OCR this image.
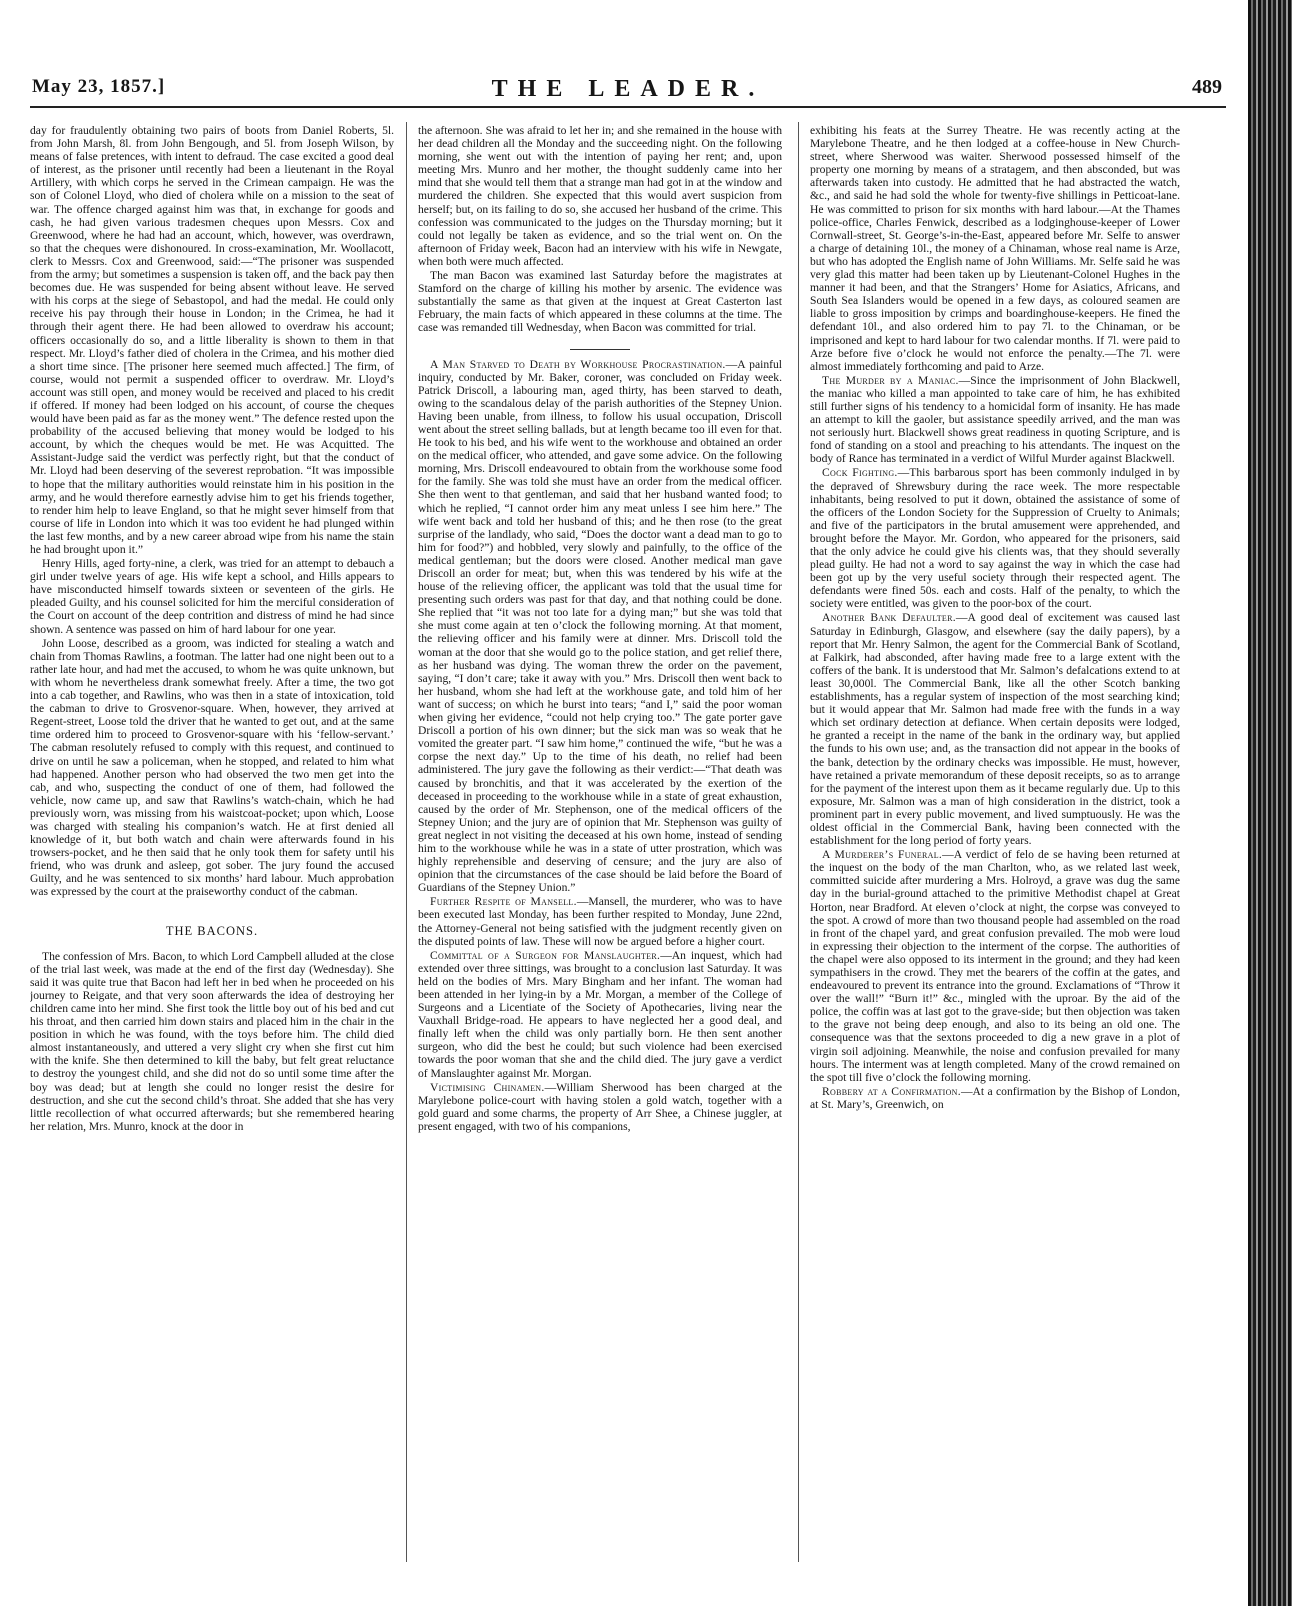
May 23, 1857.]	THE LEADER.	489

day for fraudulently obtaining two pairs of boots from Daniel Roberts, 5l. from John Marsh, 8l. from John Bengough, and 5l. from Joseph Wilson, by means of false pretences, with intent to defraud. The case excited a good deal of interest, as the prisoner until recently had been a lieutenant in the Royal Artillery, with which corps he served in the Crimean campaign. He was the son of Colonel Lloyd, who died of cholera while on a mission to the seat of war. The offence charged against him was that, in exchange for goods and cash, he had given various tradesmen cheques upon Messrs. Cox and Greenwood, where he had had an account, which, however, was overdrawn, so that the cheques were dishonoured. In cross-examination, Mr. Woollacott, clerk to Messrs. Cox and Greenwood, said:—“The prisoner was suspended from the army; but sometimes a suspension is taken off, and the back pay then becomes due. He was suspended for being absent without leave. He served with his corps at the siege of Sebastopol, and had the medal. He could only receive his pay through their house in London; in the Crimea, he had it through their agent there. He had been allowed to overdraw his account; officers occasionally do so, and a little liberality is shown to them in that respect. Mr. Lloyd’s father died of cholera in the Crimea, and his mother died a short time since. [The prisoner here seemed much affected.] The firm, of course, would not permit a suspended officer to overdraw. Mr. Lloyd’s account was still open, and money would be received and placed to his credit if offered. If money had been lodged on his account, of course the cheques would have been paid as far as the money went.” The defence rested upon the probability of the accused believing that money would be lodged to his account, by which the cheques would be met. He was Acquitted. The Assistant-Judge said the verdict was perfectly right, but that the conduct of Mr. Lloyd had been deserving of the severest reprobation. “It was impossible to hope that the military authorities would reinstate him in his position in the army, and he would therefore earnestly advise him to get his friends together, to render him help to leave England, so that he might sever himself from that course of life in London into which it was too evident he had plunged within the last few months, and by a new career abroad wipe from his name the stain he had brought upon it.”

Henry Hills, aged forty-nine, a clerk, was tried for an attempt to debauch a girl under twelve years of age. His wife kept a school, and Hills appears to have misconducted himself towards sixteen or seventeen of the girls. He pleaded Guilty, and his counsel solicited for him the merciful consideration of the Court on account of the deep contrition and distress of mind he had since shown. A sentence was passed on him of hard labour for one year.

John Loose, described as a groom, was indicted for stealing a watch and chain from Thomas Rawlins, a footman. The latter had one night been out to a rather late hour, and had met the accused, to whom he was quite unknown, but with whom he nevertheless drank somewhat freely. After a time, the two got into a cab together, and Rawlins, who was then in a state of intoxication, told the cabman to drive to Grosvenor-square. When, however, they arrived at Regent-street, Loose told the driver that he wanted to get out, and at the same time ordered him to proceed to Grosvenor-square with his ‘fellow-servant.’ The cabman resolutely refused to comply with this request, and continued to drive on until he saw a policeman, when he stopped, and related to him what had happened. Another person who had observed the two men get into the cab, and who, suspecting the conduct of one of them, had followed the vehicle, now came up, and saw that Rawlins’s watch-chain, which he had previously worn, was missing from his waistcoat-pocket; upon which, Loose was charged with stealing his companion’s watch. He at first denied all knowledge of it, but both watch and chain were afterwards found in his trowsers-pocket, and he then said that he only took them for safety until his friend, who was drunk and asleep, got sober. The jury found the accused Guilty, and he was sentenced to six months’ hard labour. Much approbation was expressed by the court at the praiseworthy conduct of the cabman.

THE BACONS.

The confession of Mrs. Bacon, to which Lord Campbell alluded at the close of the trial last week, was made at the end of the first day (Wednesday). She said it was quite true that Bacon had left her in bed when he proceeded on his journey to Reigate, and that very soon afterwards the idea of destroying her children came into her mind. She first took the little boy out of his bed and cut his throat, and then carried him down stairs and placed him in the chair in the position in which he was found, with the toys before him. The child died almost instantaneously, and uttered a very slight cry when she first cut him with the knife. She then determined to kill the baby, but felt great reluctance to destroy the youngest child, and she did not do so until some time after the boy was dead; but at length she could no longer resist the desire for destruction, and she cut the second child’s throat. She added that she has very little recollection of what occurred afterwards; but she remembered hearing her relation, Mrs. Munro, knock at the door in

the afternoon. She was afraid to let her in; and she remained in the house with her dead children all the Monday and the succeeding night. On the following morning, she went out with the intention of paying her rent; and, upon meeting Mrs. Munro and her mother, the thought suddenly came into her mind that she would tell them that a strange man had got in at the window and murdered the children. She expected that this would avert suspicion from herself; but, on its failing to do so, she accused her husband of the crime. This confession was communicated to the judges on the Thursday morning; but it could not legally be taken as evidence, and so the trial went on. On the afternoon of Friday week, Bacon had an interview with his wife in Newgate, when both were much affected.

The man Bacon was examined last Saturday before the magistrates at Stamford on the charge of killing his mother by arsenic. The evidence was substantially the same as that given at the inquest at Great Casterton last February, the main facts of which appeared in these columns at the time. The case was remanded till Wednesday, when Bacon was committed for trial.

A Man Starved to Death by Workhouse Procrastination.—A painful inquiry, conducted by Mr. Baker, coroner, was concluded on Friday week. Patrick Driscoll, a labouring man, aged thirty, has been starved to death, owing to the scandalous delay of the parish authorities of the Stepney Union. Having been unable, from illness, to follow his usual occupation, Driscoll went about the street selling ballads, but at length became too ill even for that. He took to his bed, and his wife went to the workhouse and obtained an order on the medical officer, who attended, and gave some advice. On the following morning, Mrs. Driscoll endeavoured to obtain from the workhouse some food for the family. She was told she must have an order from the medical officer. She then went to that gentleman, and said that her husband wanted food; to which he replied, “I cannot order him any meat unless I see him here.” The wife went back and told her husband of this; and he then rose (to the great surprise of the landlady, who said, “Does the doctor want a dead man to go to him for food?”) and hobbled, very slowly and painfully, to the office of the medical gentleman; but the doors were closed. Another medical man gave Driscoll an order for meat; but, when this was tendered by his wife at the house of the relieving officer, the applicant was told that the usual time for presenting such orders was past for that day, and that nothing could be done. She replied that “it was not too late for a dying man;” but she was told that she must come again at ten o’clock the following morning. At that moment, the relieving officer and his family were at dinner. Mrs. Driscoll told the woman at the door that she would go to the police station, and get relief there, as her husband was dying. The woman threw the order on the pavement, saying, “I don’t care; take it away with you.” Mrs. Driscoll then went back to her husband, whom she had left at the workhouse gate, and told him of her want of success; on which he burst into tears; “and I,” said the poor woman when giving her evidence, “could not help crying too.” The gate porter gave Driscoll a portion of his own dinner; but the sick man was so weak that he vomited the greater part. “I saw him home,” continued the wife, “but he was a corpse the next day.” Up to the time of his death, no relief had been administered. The jury gave the following as their verdict:—“That death was caused by bronchitis, and that it was accelerated by the exertion of the deceased in proceeding to the workhouse while in a state of great exhaustion, caused by the order of Mr. Stephenson, one of the medical officers of the Stepney Union; and the jury are of opinion that Mr. Stephenson was guilty of great neglect in not visiting the deceased at his own home, instead of sending him to the workhouse while he was in a state of utter prostration, which was highly reprehensible and deserving of censure; and the jury are also of opinion that the circumstances of the case should be laid before the Board of Guardians of the Stepney Union.”

Further Respite of Mansell.—Mansell, the murderer, who was to have been executed last Monday, has been further respited to Monday, June 22nd, the Attorney-General not being satisfied with the judgment recently given on the disputed points of law. These will now be argued before a higher court.

Committal of a Surgeon for Manslaughter.—An inquest, which had extended over three sittings, was brought to a conclusion last Saturday. It was held on the bodies of Mrs. Mary Bingham and her infant. The woman had been attended in her lying-in by a Mr. Morgan, a member of the College of Surgeons and a Licentiate of the Society of Apothecaries, living near the Vauxhall Bridge-road. He appears to have neglected her a good deal, and finally left when the child was only partially born. He then sent another surgeon, who did the best he could; but such violence had been exercised towards the poor woman that she and the child died. The jury gave a verdict of Manslaughter against Mr. Morgan.

Victimising Chinamen.—William Sherwood has been charged at the Marylebone police-court with having stolen a gold watch, together with a gold guard and some charms, the property of Arr Shee, a Chinese juggler, at present engaged, with two of his companions,

exhibiting his feats at the Surrey Theatre. He was recently acting at the Marylebone Theatre, and he then lodged at a coffee-house in New Church-street, where Sherwood was waiter. Sherwood possessed himself of the property one morning by means of a stratagem, and then absconded, but was afterwards taken into custody. He admitted that he had abstracted the watch, &c., and said he had sold the whole for twenty-five shillings in Petticoat-lane. He was committed to prison for six months with hard labour.—At the Thames police-office, Charles Fenwick, described as a lodginghouse-keeper of Lower Cornwall-street, St. George’s-in-the-East, appeared before Mr. Selfe to answer a charge of detaining 10l., the money of a Chinaman, whose real name is Arze, but who has adopted the English name of John Williams. Mr. Selfe said he was very glad this matter had been taken up by Lieutenant-Colonel Hughes in the manner it had been, and that the Strangers’ Home for Asiatics, Africans, and South Sea Islanders would be opened in a few days, as coloured seamen are liable to gross imposition by crimps and boardinghouse-keepers. He fined the defendant 10l., and also ordered him to pay 7l. to the Chinaman, or be imprisoned and kept to hard labour for two calendar months. If 7l. were paid to Arze before five o’clock he would not enforce the penalty.—The 7l. were almost immediately forthcoming and paid to Arze.

The Murder by a Maniac.—Since the imprisonment of John Blackwell, the maniac who killed a man appointed to take care of him, he has exhibited still further signs of his tendency to a homicidal form of insanity. He has made an attempt to kill the gaoler, but assistance speedily arrived, and the man was not seriously hurt. Blackwell shows great readiness in quoting Scripture, and is fond of standing on a stool and preaching to his attendants. The inquest on the body of Rance has terminated in a verdict of Wilful Murder against Blackwell.

Cock Fighting.—This barbarous sport has been commonly indulged in by the depraved of Shrewsbury during the race week. The more respectable inhabitants, being resolved to put it down, obtained the assistance of some of the officers of the London Society for the Suppression of Cruelty to Animals; and five of the participators in the brutal amusement were apprehended, and brought before the Mayor. Mr. Gordon, who appeared for the prisoners, said that the only advice he could give his clients was, that they should severally plead guilty. He had not a word to say against the way in which the case had been got up by the very useful society through their respected agent. The defendants were fined 50s. each and costs. Half of the penalty, to which the society were entitled, was given to the poor-box of the court.

Another Bank Defaulter.—A good deal of excitement was caused last Saturday in Edinburgh, Glasgow, and elsewhere (say the daily papers), by a report that Mr. Henry Salmon, the agent for the Commercial Bank of Scotland, at Falkirk, had absconded, after having made free to a large extent with the coffers of the bank. It is understood that Mr. Salmon’s defalcations extend to at least 30,000l. The Commercial Bank, like all the other Scotch banking establishments, has a regular system of inspection of the most searching kind; but it would appear that Mr. Salmon had made free with the funds in a way which set ordinary detection at defiance. When certain deposits were lodged, he granted a receipt in the name of the bank in the ordinary way, but applied the funds to his own use; and, as the transaction did not appear in the books of the bank, detection by the ordinary checks was impossible. He must, however, have retained a private memorandum of these deposit receipts, so as to arrange for the payment of the interest upon them as it became regularly due. Up to this exposure, Mr. Salmon was a man of high consideration in the district, took a prominent part in every public movement, and lived sumptuously. He was the oldest official in the Commercial Bank, having been connected with the establishment for the long period of forty years.

A Murderer’s Funeral.—A verdict of felo de se having been returned at the inquest on the body of the man Charlton, who, as we related last week, committed suicide after murdering a Mrs. Holroyd, a grave was dug the same day in the burial-ground attached to the primitive Methodist chapel at Great Horton, near Bradford. At eleven o’clock at night, the corpse was conveyed to the spot. A crowd of more than two thousand people had assembled on the road in front of the chapel yard, and great confusion prevailed. The mob were loud in expressing their objection to the interment of the corpse. The authorities of the chapel were also opposed to its interment in the ground; and they had keen sympathisers in the crowd. They met the bearers of the coffin at the gates, and endeavoured to prevent its entrance into the ground. Exclamations of “Throw it over the wall!” “Burn it!” &c., mingled with the uproar. By the aid of the police, the coffin was at last got to the grave-side; but then objection was taken to the grave not being deep enough, and also to its being an old one. The consequence was that the sextons proceeded to dig a new grave in a plot of virgin soil adjoining. Meanwhile, the noise and confusion prevailed for many hours. The interment was at length completed. Many of the crowd remained on the spot till five o’clock the following morning.

Robbery at a Confirmation.—At a confirmation by the Bishop of London, at St. Mary’s, Greenwich, on
